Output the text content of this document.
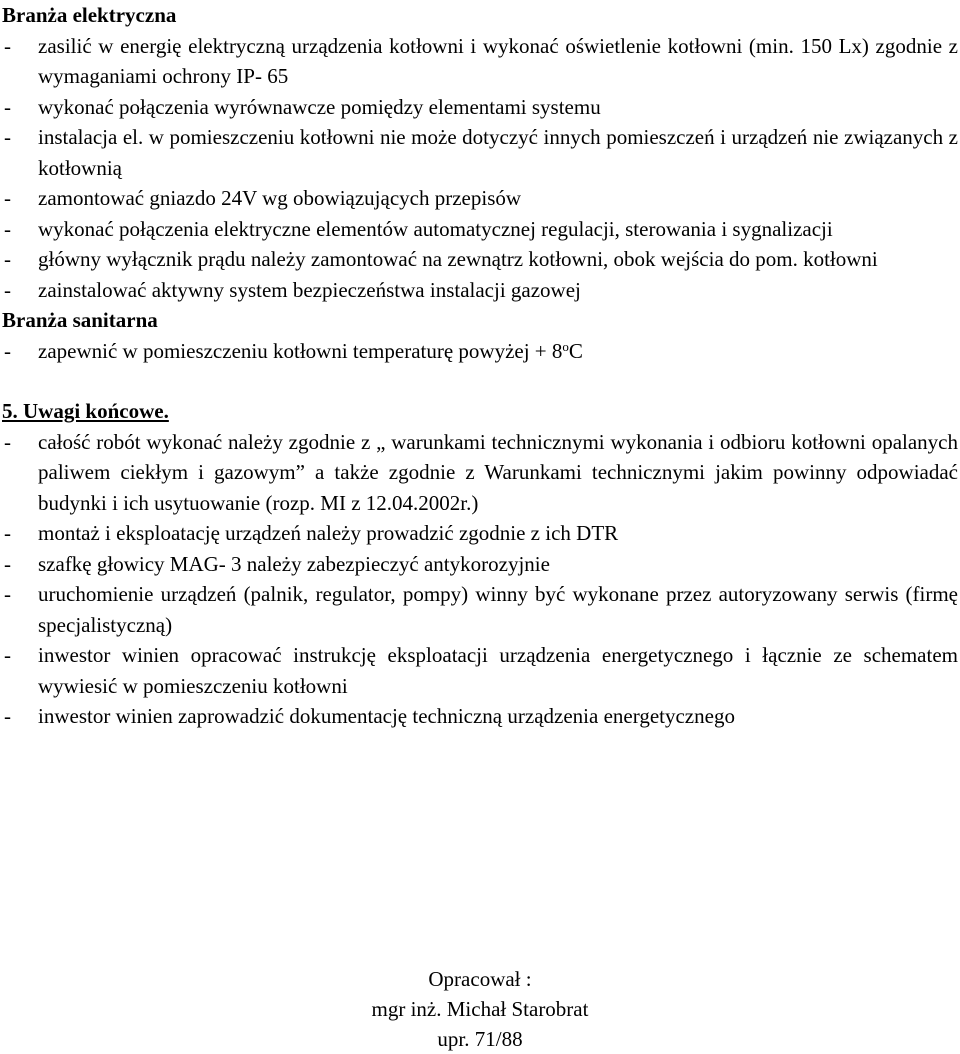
Branża elektryczna
- zasilić w energię elektryczną urządzenia kotłowni i wykonać oświetlenie kotłowni (min. 150 Lx) zgodnie z wymaganiami ochrony IP- 65
- wykonać połączenia wyrównawcze pomiędzy elementami systemu
- instalacja el. w pomieszczeniu kotłowni nie może dotyczyć innych pomieszczeń i urządzeń nie związanych z kotłownią
- zamontować gniazdo 24V wg obowiązujących przepisów
- wykonać połączenia elektryczne elementów automatycznej regulacji, sterowania i sygnalizacji
- główny wyłącznik prądu należy zamontować na zewnątrz kotłowni, obok wejścia do pom. kotłowni
- zainstalować aktywny system bezpieczeństwa instalacji gazowej
Branża sanitarna
- zapewnić w pomieszczeniu kotłowni temperaturę powyżej + $8^oC$
5. Uwagi końcowe.
- całość robót wykonać należy zgodnie z „ warunkami technicznymi wykonania i odbioru kotłowni opalanych paliwem ciekłym i gazowym” a także zgodnie z Warunkami technicznymi jakim powinny odpowiadać budynki i ich usytuowanie (rozp. MI z 12.04.2002r.)
- montaż i eksploatację urządzeń należy prowadzić zgodnie z ich DTR
- szafkę głowicy MAG- 3 należy zabezpieczyć antykorozyjnie
- uruchomienie urządzeń (palnik, regulator, pompy) winny być wykonane przez autoryzowany serwis (firmę specjalistyczną)
- inwestor winien opracować instrukcję eksploatacji urządzenia energetycznego i łącznie ze schematem wywiesić w pomieszczeniu kotłowni
- inwestor winien zaprowadzić dokumentację techniczną urządzenia energetycznego
Opracował :
mgr inż. Michał Starobrat
upr. 71/88
